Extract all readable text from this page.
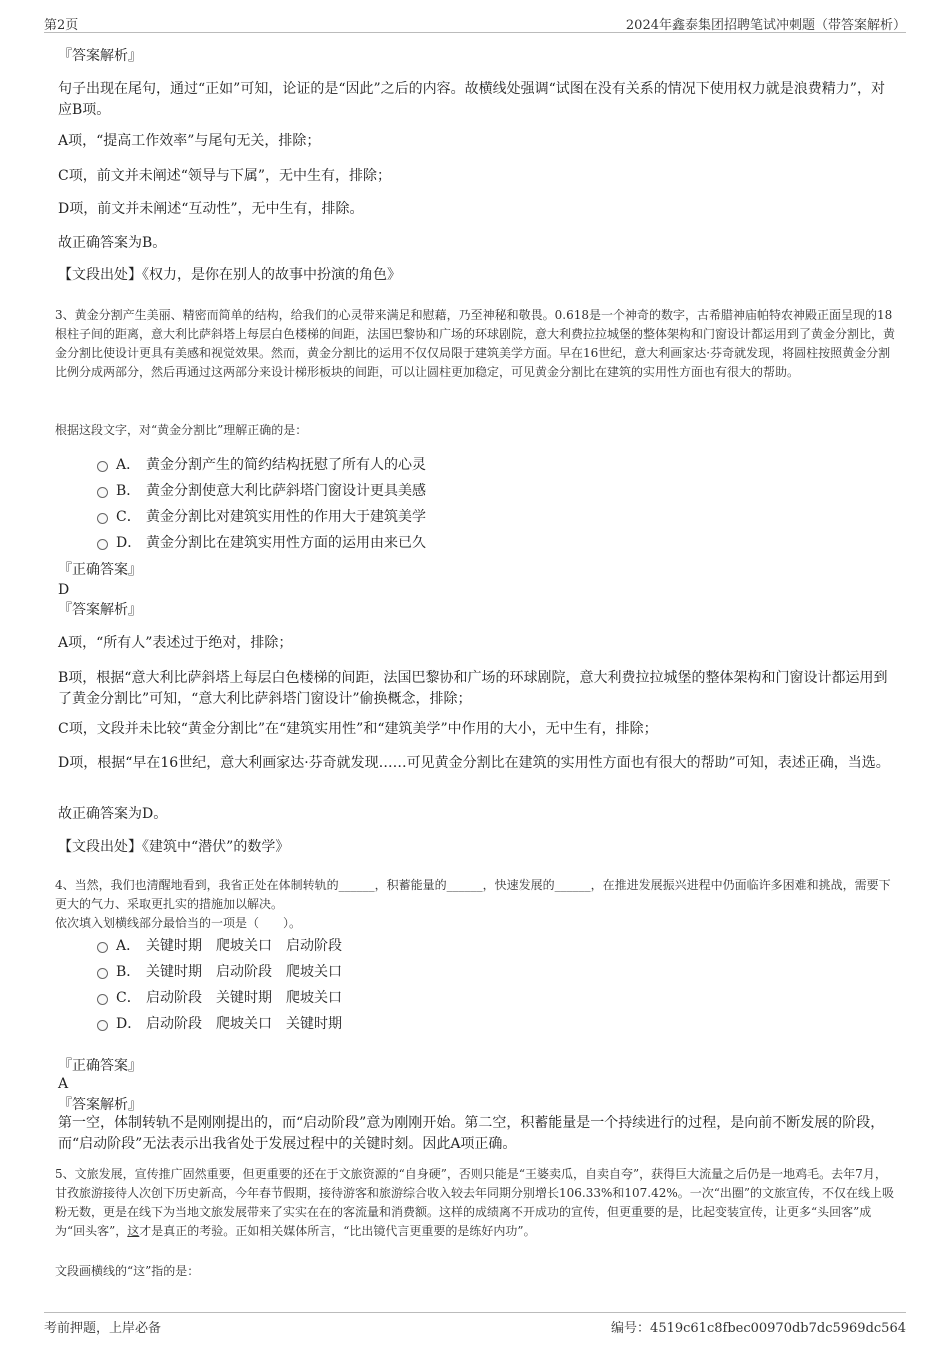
第2页	2024年鑫泰集团招聘笔试冲刺题（带答案解析）
『答案解析』
句子出现在尾句，通过“正如”可知，论证的是“因此”之后的内容。故横线处强调“试图在没有关系的情况下使用权力就是浪费精力”，对应B项。
A项，“提高工作效率”与尾句无关，排除；
C项，前文并未阐述“领导与下属”，无中生有，排除；
D项，前文并未阐述“互动性”，无中生有，排除。
故正确答案为B。
【文段出处】《权力，是你在别人的故事中扮演的角色》
3、黄金分割产生美丽、精密而简单的结构，给我们的心灵带来满足和慰藉，乃至神秘和敬畏。0.618是一个神奇的数字，古希腊神庙帕特农神殿正面呈现的18根柱子间的距离，意大利比萨斜塔上每层白色楼梯的间距，法国巴黎协和广场的环球剧院，意大利费拉拉城堡的整体架构和门窗设计都运用到了黄金分割比，黄金分割比使设计更具有美感和视觉效果。然而，黄金分割比的运用不仅仅局限于建筑美学方面。早在16世纪，意大利画家达·芬奇就发现，将圆柱按照黄金分割比例分成两部分，然后再通过这两部分来设计梯形板块的间距，可以让圆柱更加稳定，可见黄金分割比在建筑的实用性方面也有很大的帮助。
根据这段文字，对“黄金分割比”理解正确的是：
A． 黄金分割产生的简约结构抚慰了所有人的心灵
B． 黄金分割使意大利比萨斜塔门窗设计更具美感
C． 黄金分割比对建筑实用性的作用大于建筑美学
D． 黄金分割比在建筑实用性方面的运用由来已久
『正确答案』
D
『答案解析』
A项，“所有人”表述过于绝对，排除；
B项，根据“意大利比萨斜塔上每层白色楼梯的间距，法国巴黎协和广场的环球剧院，意大利费拉拉城堡的整体架构和门窗设计都运用到了黄金分割比”可知，“意大利比萨斜塔门窗设计”偷换概念，排除；
C项，文段并未比较“黄金分割比”在“建筑实用性”和“建筑美学”中作用的大小，无中生有，排除；
D项，根据“早在16世纪，意大利画家达·芬奇就发现……可见黄金分割比在建筑的实用性方面也有很大的帮助”可知，表述正确，当选。
故正确答案为D。
【文段出处】《建筑中“潜伏”的数学》
4、当然，我们也清醒地看到，我省正处在体制转轨的______，积蓄能量的______，快速发展的______，在推进发展振兴进程中仍面临许多困难和挑战，需要下更大的气力、采取更扎实的措施加以解决。
依次填入划横线部分最恰当的一项是（　　）。
A． 关键时期　爬坡关口　启动阶段
B． 关键时期　启动阶段　爬坡关口
C． 启动阶段　关键时期　爬坡关口
D． 启动阶段　爬坡关口　关键时期
『正确答案』
A
『答案解析』
第一空，体制转轨不是刚刚提出的，而“启动阶段”意为刚刚开始。第二空，积蓄能量是一个持续进行的过程，是向前不断发展的阶段，而“启动阶段”无法表示出我省处于发展过程中的关键时刻。因此A项正确。
5、文旅发展，宣传推广固然重要，但更重要的还在于文旅资源的“自身硬”，否则只能是“王婆卖瓜，自卖自夸”，获得巨大流量之后仍是一地鸡毛。去年7月，甘孜旅游接待人次创下历史新高，今年春节假期，接待游客和旅游综合收入较去年同期分别增长106.33%和107.42%。一次“出圈”的文旅宣传，不仅在线上吸粉无数，更是在线下为当地文旅发展带来了实实在在的客流量和消费额。这样的成绩离不开成功的宣传，但更重要的是，比起变装宣传，让更多“头回客”成为“回头客”，这才是真正的考验。正如相关媒体所言，“比出镜代言更重要的是练好内功”。
文段画横线的“这”指的是：
考前押题，上岸必备	编号：4519c61c8fbec00970db7dc5969dc564
